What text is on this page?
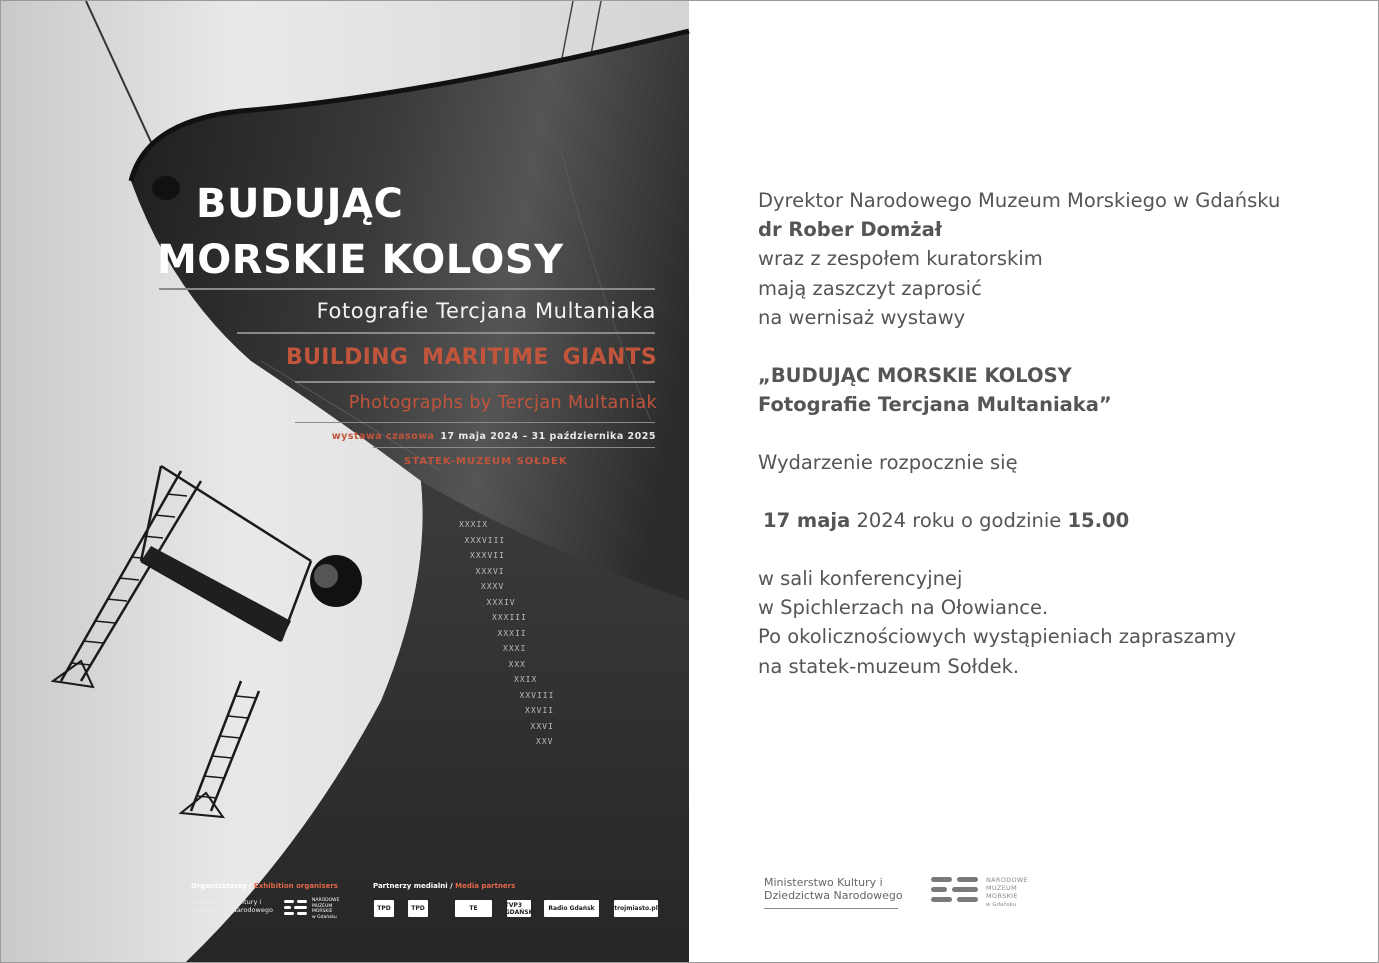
BUDUJĄC
MORSKIE KOLOSY
Fotografie Tercjana Multaniaka
BUILDING MARITIME GIANTS
Photographs by Tercjan Multaniak
wystawa czasowa 17 maja 2024 – 31 października 2025
STATEK-MUZEUM SOŁDEK
XXXIX
XXXVIII
XXXVII
XXXVI
XXXV
XXXIV
XXXIII
XXXII
XXXI
XXX
XXIX
XXVIII
XXVII
XXVI
XXV
Organizatorzy / Exhibition organisers
Ministerstwo Kultury i Dziedzictwa Narodowego
NARODOWE
MUZEUM
MORSKIE
w Gdańsku
Partnerzy medialni / Media partners
TPD	TPD	TE	TVP3 GDAŃSK	Radio Gdańsk	trojmiasto.pl
Dyrektor Narodowego Muzeum Morskiego w Gdańsku
dr Rober Domżał
wraz z zespołem kuratorskim
mają zaszczyt zaprosić
na wernisaż wystawy
„BUDUJĄC MORSKIE KOLOSY
Fotografie Tercjana Multaniaka”
Wydarzenie rozpocznie się
17 maja 2024 roku o godzinie 15.00
w sali konferencyjnej
w Spichlerzach na Ołowiance.
Po okolicznościowych wystąpieniach zapraszamy
na statek-muzeum Sołdek.
Ministerstwo Kultury i Dziedzictwa Narodowego
NARODOWE
MUZEUM
MORSKIE
w Gdańsku
